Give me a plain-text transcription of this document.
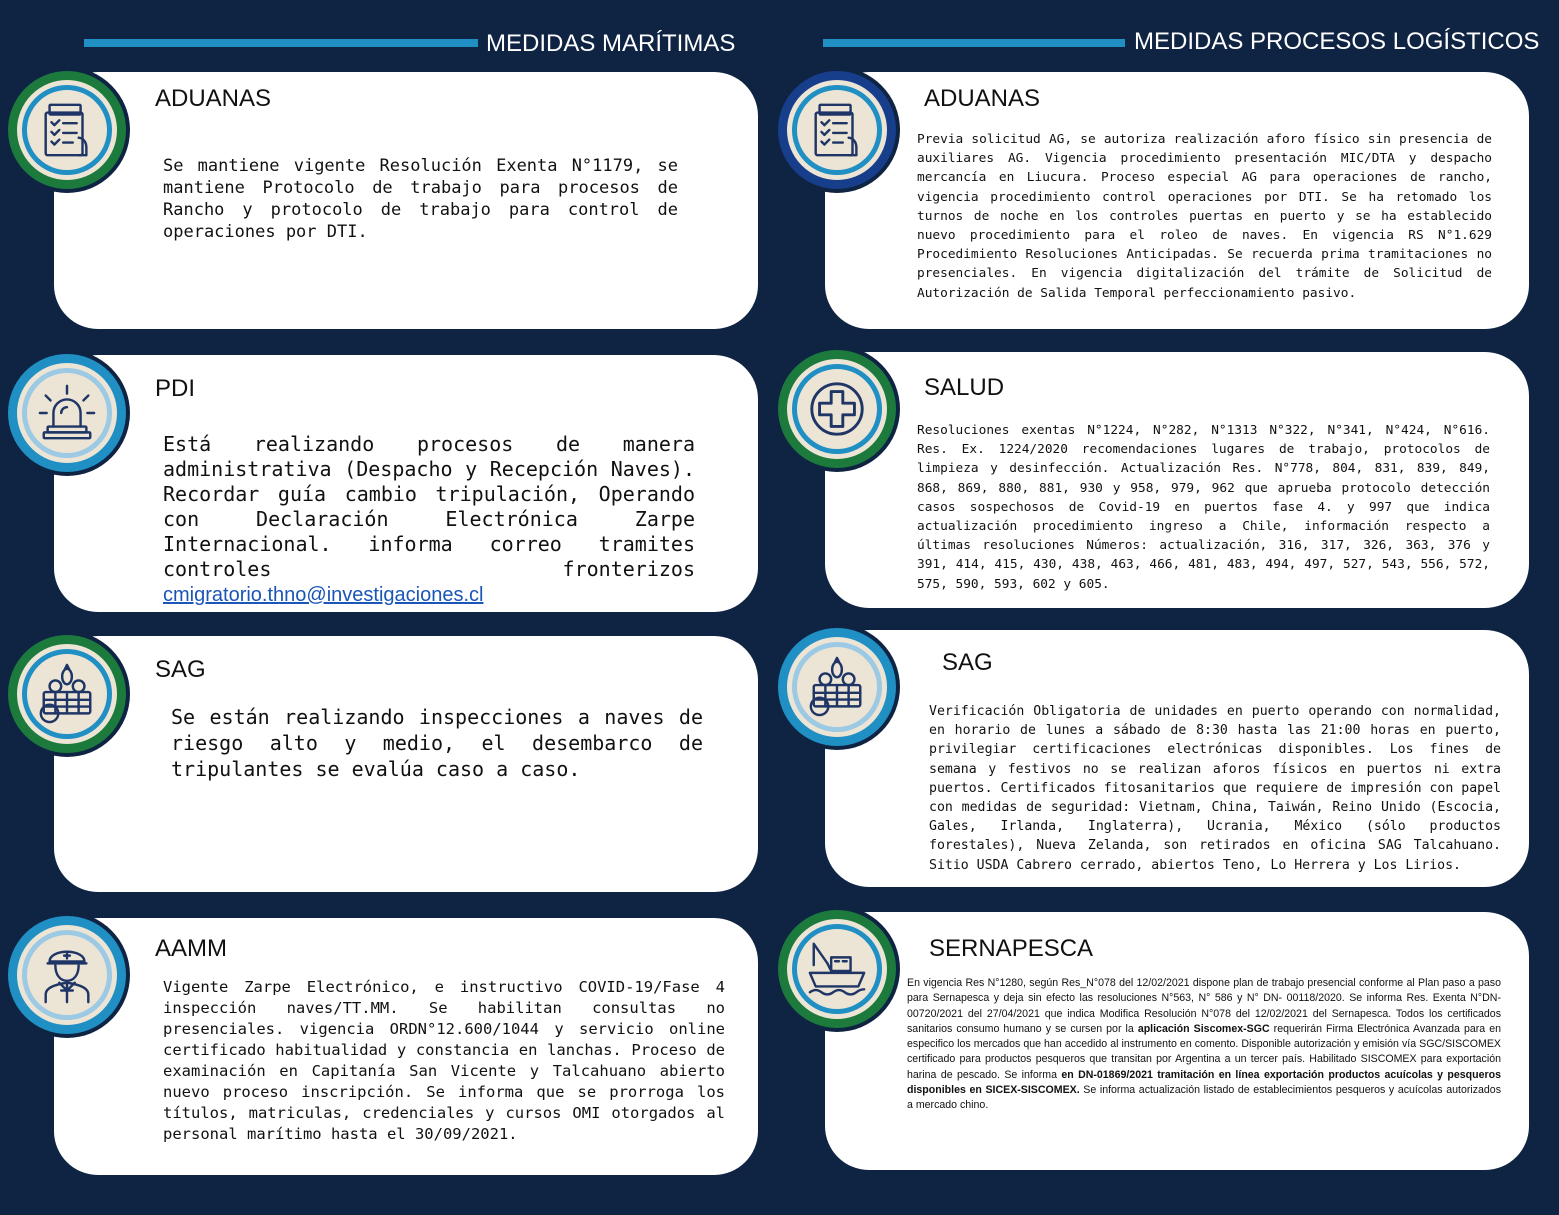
MEDIDAS MARÍTIMAS	MEDIDAS PROCESOS LOGÍSTICOS
ADUANAS
Se mantiene vigente Resolución Exenta N°1179, se mantiene Protocolo de trabajo para procesos de Rancho y protocolo de trabajo para control de operaciones por DTI.
PDI
Está realizando procesos de manera administrativa (Despacho y Recepción Naves). Recordar guía cambio tripulación, Operando con Declaración Electrónica Zarpe Internacional. informa correo tramites controles fronterizos cmigratorio.thno@investigaciones.cl
SAG
Se están realizando inspecciones a naves de riesgo alto y medio, el desembarco de tripulantes se evalúa caso a caso.
AAMM
Vigente Zarpe Electrónico, e instructivo COVID-19/Fase 4 inspección naves/TT.MM. Se habilitan consultas no presenciales. vigencia ORDN°12.600/1044 y servicio online certificado habitualidad y constancia en lanchas. Proceso de examinación en Capitanía San Vicente y Talcahuano abierto nuevo proceso inscripción. Se informa que se prorroga los títulos, matriculas, credenciales y cursos OMI otorgados al personal marítimo hasta el 30/09/2021.
ADUANAS
Previa solicitud AG, se autoriza realización aforo físico sin presencia de auxiliares AG. Vigencia procedimiento presentación MIC/DTA y despacho mercancía en Liucura. Proceso especial AG para operaciones de rancho, vigencia procedimiento control operaciones por DTI. Se ha retomado los turnos de noche en los controles puertas en puerto y se ha establecido nuevo procedimiento para el roleo de naves. En vigencia RS N°1.629 Procedimiento Resoluciones Anticipadas. Se recuerda prima tramitaciones no presenciales. En vigencia digitalización del trámite de Solicitud de Autorización de Salida Temporal perfeccionamiento pasivo.
SALUD
Resoluciones exentas N°1224, N°282, N°1313 N°322, N°341, N°424, N°616. Res. Ex. 1224/2020 recomendaciones lugares de trabajo, protocolos de limpieza y desinfección. Actualización Res. N°778, 804, 831, 839, 849, 868, 869, 880, 881, 930 y 958, 979, 962 que aprueba protocolo detección casos sospechosos de Covid-19 en puertos fase 4. y 997 que indica actualización procedimiento ingreso a Chile, información respecto a últimas resoluciones Números: actualización, 316, 317, 326, 363, 376 y 391, 414, 415, 430, 438, 463, 466, 481, 483, 494, 497, 527, 543, 556, 572, 575, 590, 593, 602 y 605.
SAG
Verificación Obligatoria de unidades en puerto operando con normalidad, en horario de lunes a sábado de 8:30 hasta las 21:00 horas en puerto, privilegiar certificaciones electrónicas disponibles. Los fines de semana y festivos no se realizan aforos físicos en puertos ni extra puertos. Certificados fitosanitarios que requiere de impresión con papel con medidas de seguridad: Vietnam, China, Taiwán, Reino Unido (Escocia, Gales, Irlanda, Inglaterra), Ucrania, México (sólo productos forestales), Nueva Zelanda, son retirados en oficina SAG Talcahuano. Sitio USDA Cabrero cerrado, abiertos Teno, Lo Herrera y Los Lirios.
SERNAPESCA
En vigencia Res N°1280, según Res_N°078 del 12/02/2021 dispone plan de trabajo presencial conforme al Plan paso a paso para Sernapesca y deja sin efecto las resoluciones N°563, N° 586 y N° DN- 00118/2020. Se informa Res. Exenta N°DN- 00720/2021 del 27/04/2021 que indica Modifica Resolución N°078 del 12/02/2021 del Sernapesca. Todos los certificados sanitarios consumo humano y se cursen por la aplicación Siscomex-SGC requerirán Firma Electrónica Avanzada para en especifico los mercados que han accedido al instrumento en comento. Disponible autorización y emisión vía SGC/SISCOMEX certificado para productos pesqueros que transitan por Argentina a un tercer país. Habilitado SISCOMEX para exportación harina de pescado. Se informa en DN-01869/2021 tramitación en línea exportación productos acuícolas y pesqueros disponibles en SICEX-SISCOMEX. Se informa actualización listado de establecimientos pesqueros y acuícolas autorizados a mercado chino.
